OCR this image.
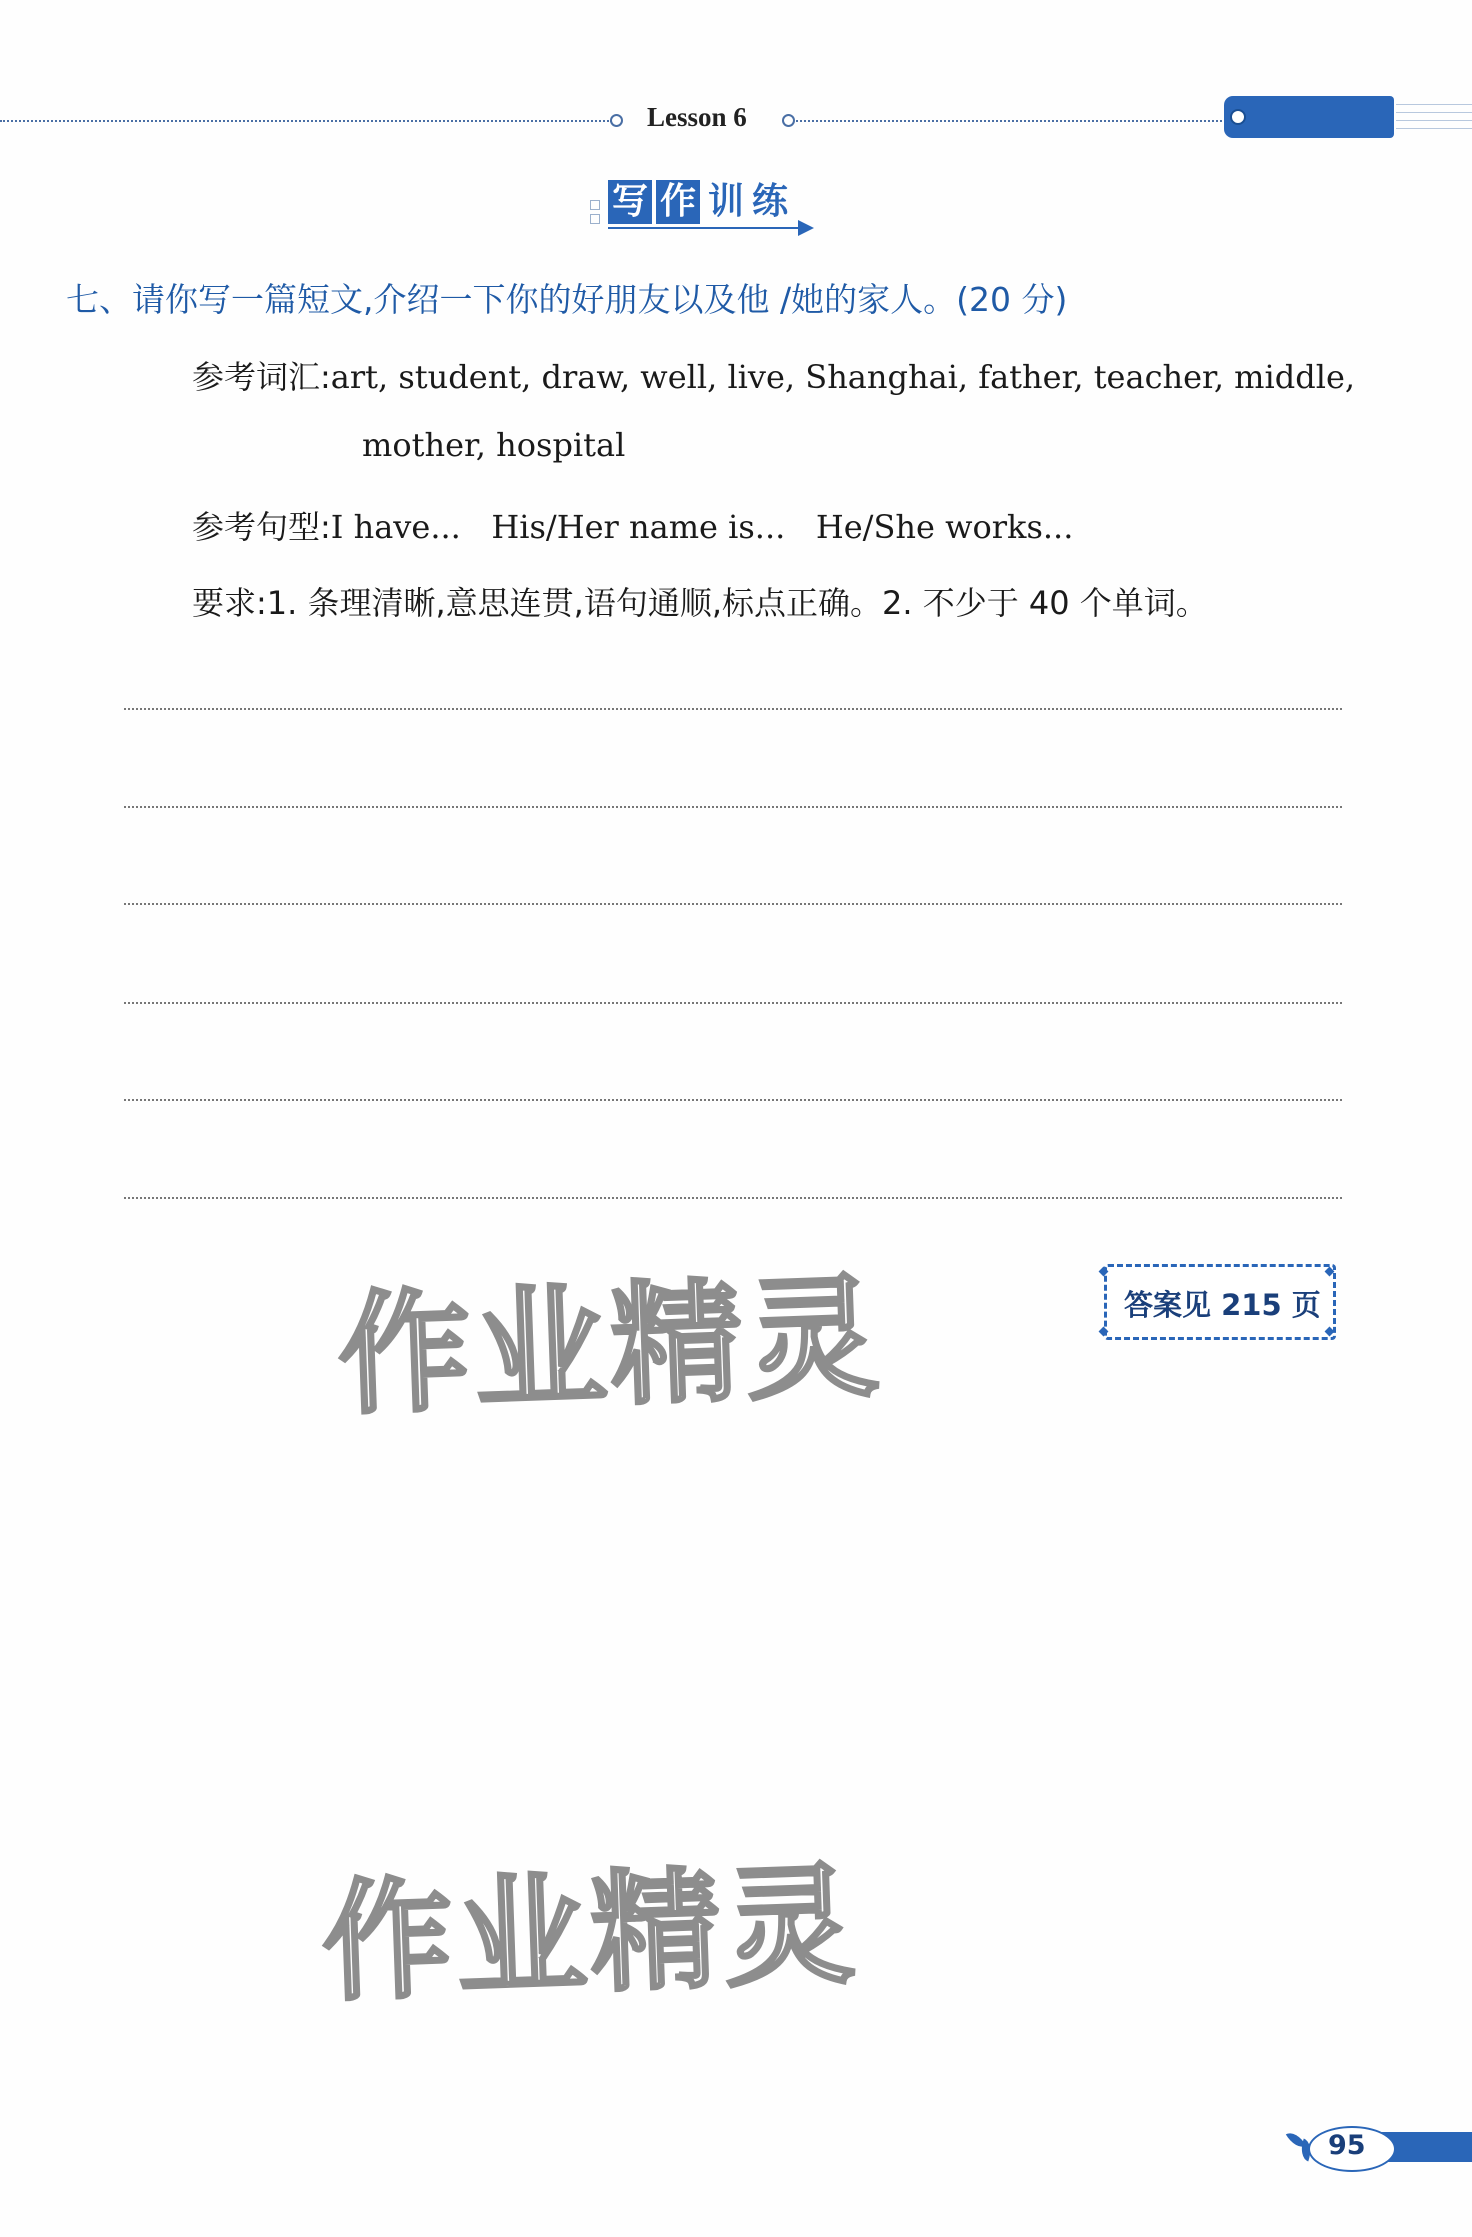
Lesson 6
写 作 训 练
七、请你写一篇短文,介绍一下你的好朋友以及他 /她的家人。(20 分)
参考词汇:art, student, draw, well, live, Shanghai, father, teacher, middle,
mother, hospital
参考句型:I have...   His/Her name is...   He/She works...
要求:1. 条理清晰,意思连贯,语句通顺,标点正确。2. 不少于 40 个单词。
作业精灵	答案见 215 页
作业精灵
95
